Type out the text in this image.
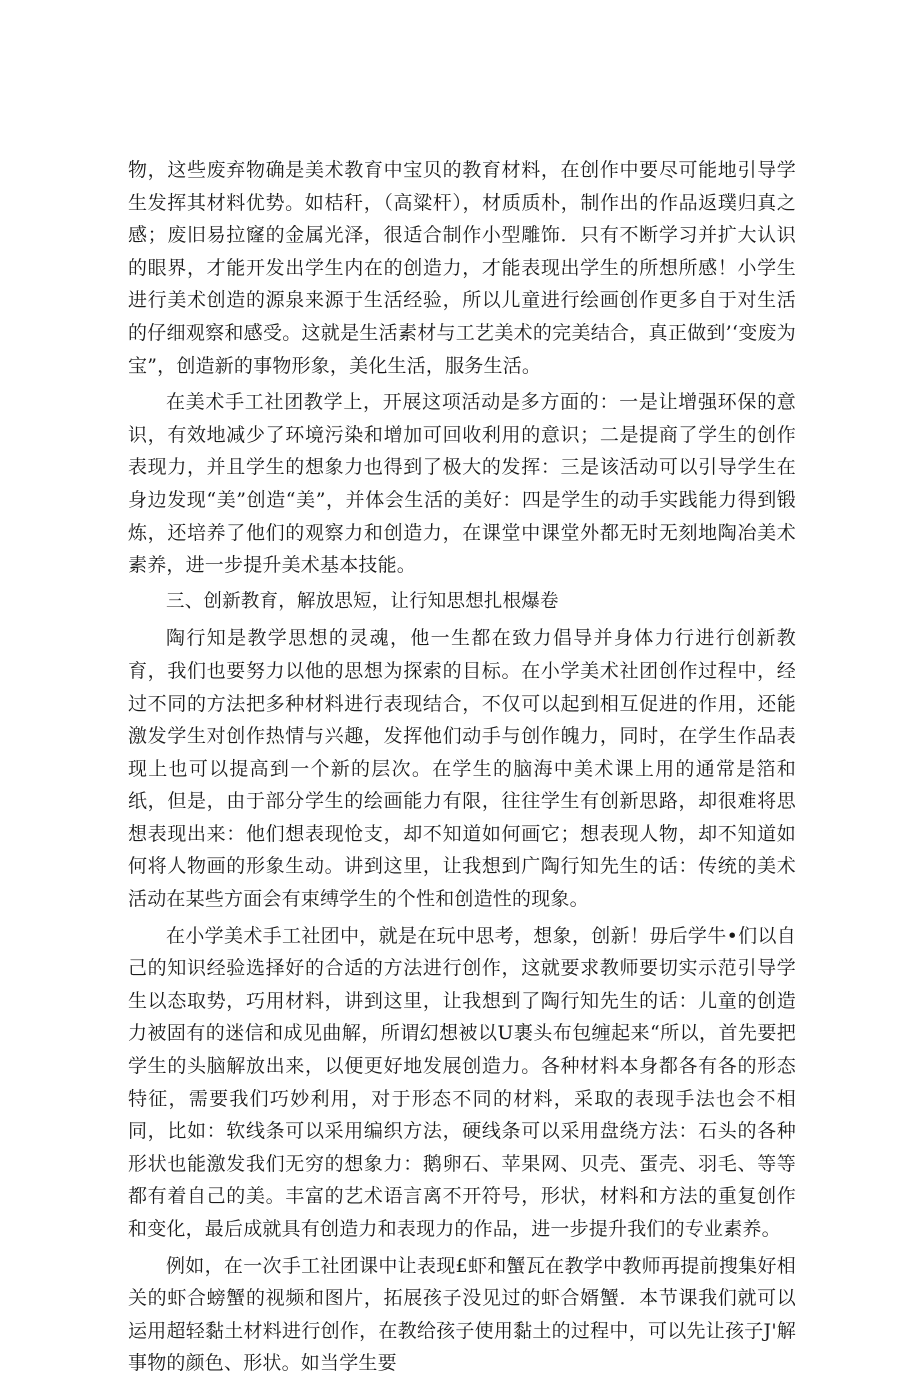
物，这些废弃物确是美术教育中宝贝的教育材料，在创作中要尽可能地引导学生发挥其材料优势。如桔秆，（高粱杆），材质质朴，制作出的作品返璞归真之感；废旧易拉窿的金属光泽，很适合制作小型雕饰．只有不断学习并扩大认识的眼界，才能开发出学生内在的创造力，才能表现出学生的所想所感！小学生进行美术创造的源泉来源于生活经验，所以儿童进行绘画创作更多自于对生活的仔细观察和感受。这就是生活素材与工艺美术的完美结合，真正做到’‘变废为宝”，创造新的事物形象，美化生活，服务生活。

在美术手工社团教学上，开展这项活动是多方面的：一是让增强环保的意识，有效地减少了环境污染和增加可回收利用的意识；二是提商了学生的创作表现力，并且学生的想象力也得到了极大的发挥：三是该活动可以引导学生在身边发现“美”创造“美”，并体会生活的美好：四是学生的动手实践能力得到锻炼，还培养了他们的观察力和创造力，在课堂中课堂外都无时无刻地陶冶美术素养，进一步提升美术基本技能。

三、创新教育，解放思短，让行知思想扎根爆卷

陶行知是教学思想的灵魂，他一生都在致力倡导并身体力行进行创新教育，我们也要努力以他的思想为探索的目标。在小学美术社团创作过程中，经过不同的方法把多种材料进行表现结合，不仅可以起到相互促进的作用，还能激发学生对创作热情与兴趣，发挥他们动手与创作魄力，同时，在学生作品表现上也可以提高到一个新的层次。在学生的脑海中美术课上用的通常是箔和纸，但是，由于部分学生的绘画能力有限，往往学生有创新思路，却很难将思想表现出来：他们想表现怆支，却不知道如何画它；想表现人物，却不知道如何将人物画的形象生动。讲到这里，让我想到广陶行知先生的话：传统的美术活动在某些方面会有束缚学生的个性和创造性的现象。

在小学美术手工社团中，就是在玩中思考，想象，创新！毋后学牛•们以自己的知识经验选择好的合适的方法进行创作，这就要求教师要切实示范引导学生以态取势，巧用材料，讲到这里，让我想到了陶行知先生的话：儿童的创造力被固有的迷信和成见曲解，所谓幻想被以U裹头布包缠起来“所以，首先要把学生的头脑解放出来，以便更好地发展创造力。各种材料本身都各有各的形态特征，需要我们巧妙利用，对于形态不同的材料，采取的表现手法也会不相同，比如：软线条可以采用编织方法，硬线条可以采用盘绕方法：石头的各种形状也能激发我们无穷的想象力：鹅卵石、苹果网、贝壳、蛋壳、羽毛、等等都有着自己的美。丰富的艺术语言离不开符号，形状，材料和方法的重复创作和变化，最后成就具有创造力和表现力的作品，进一步提升我们的专业素养。

例如，在一次手工社团课中让表现£虾和蟹瓦在教学中教师再提前搜集好相关的虾合螃蟹的视频和图片，拓展孩子没见过的虾合婿蟹．本节课我们就可以运用超轻黏土材料进行创作，在教给孩子使用黏土的过程中，可以先让孩子J'解事物的颜色、形状。如当学生要
